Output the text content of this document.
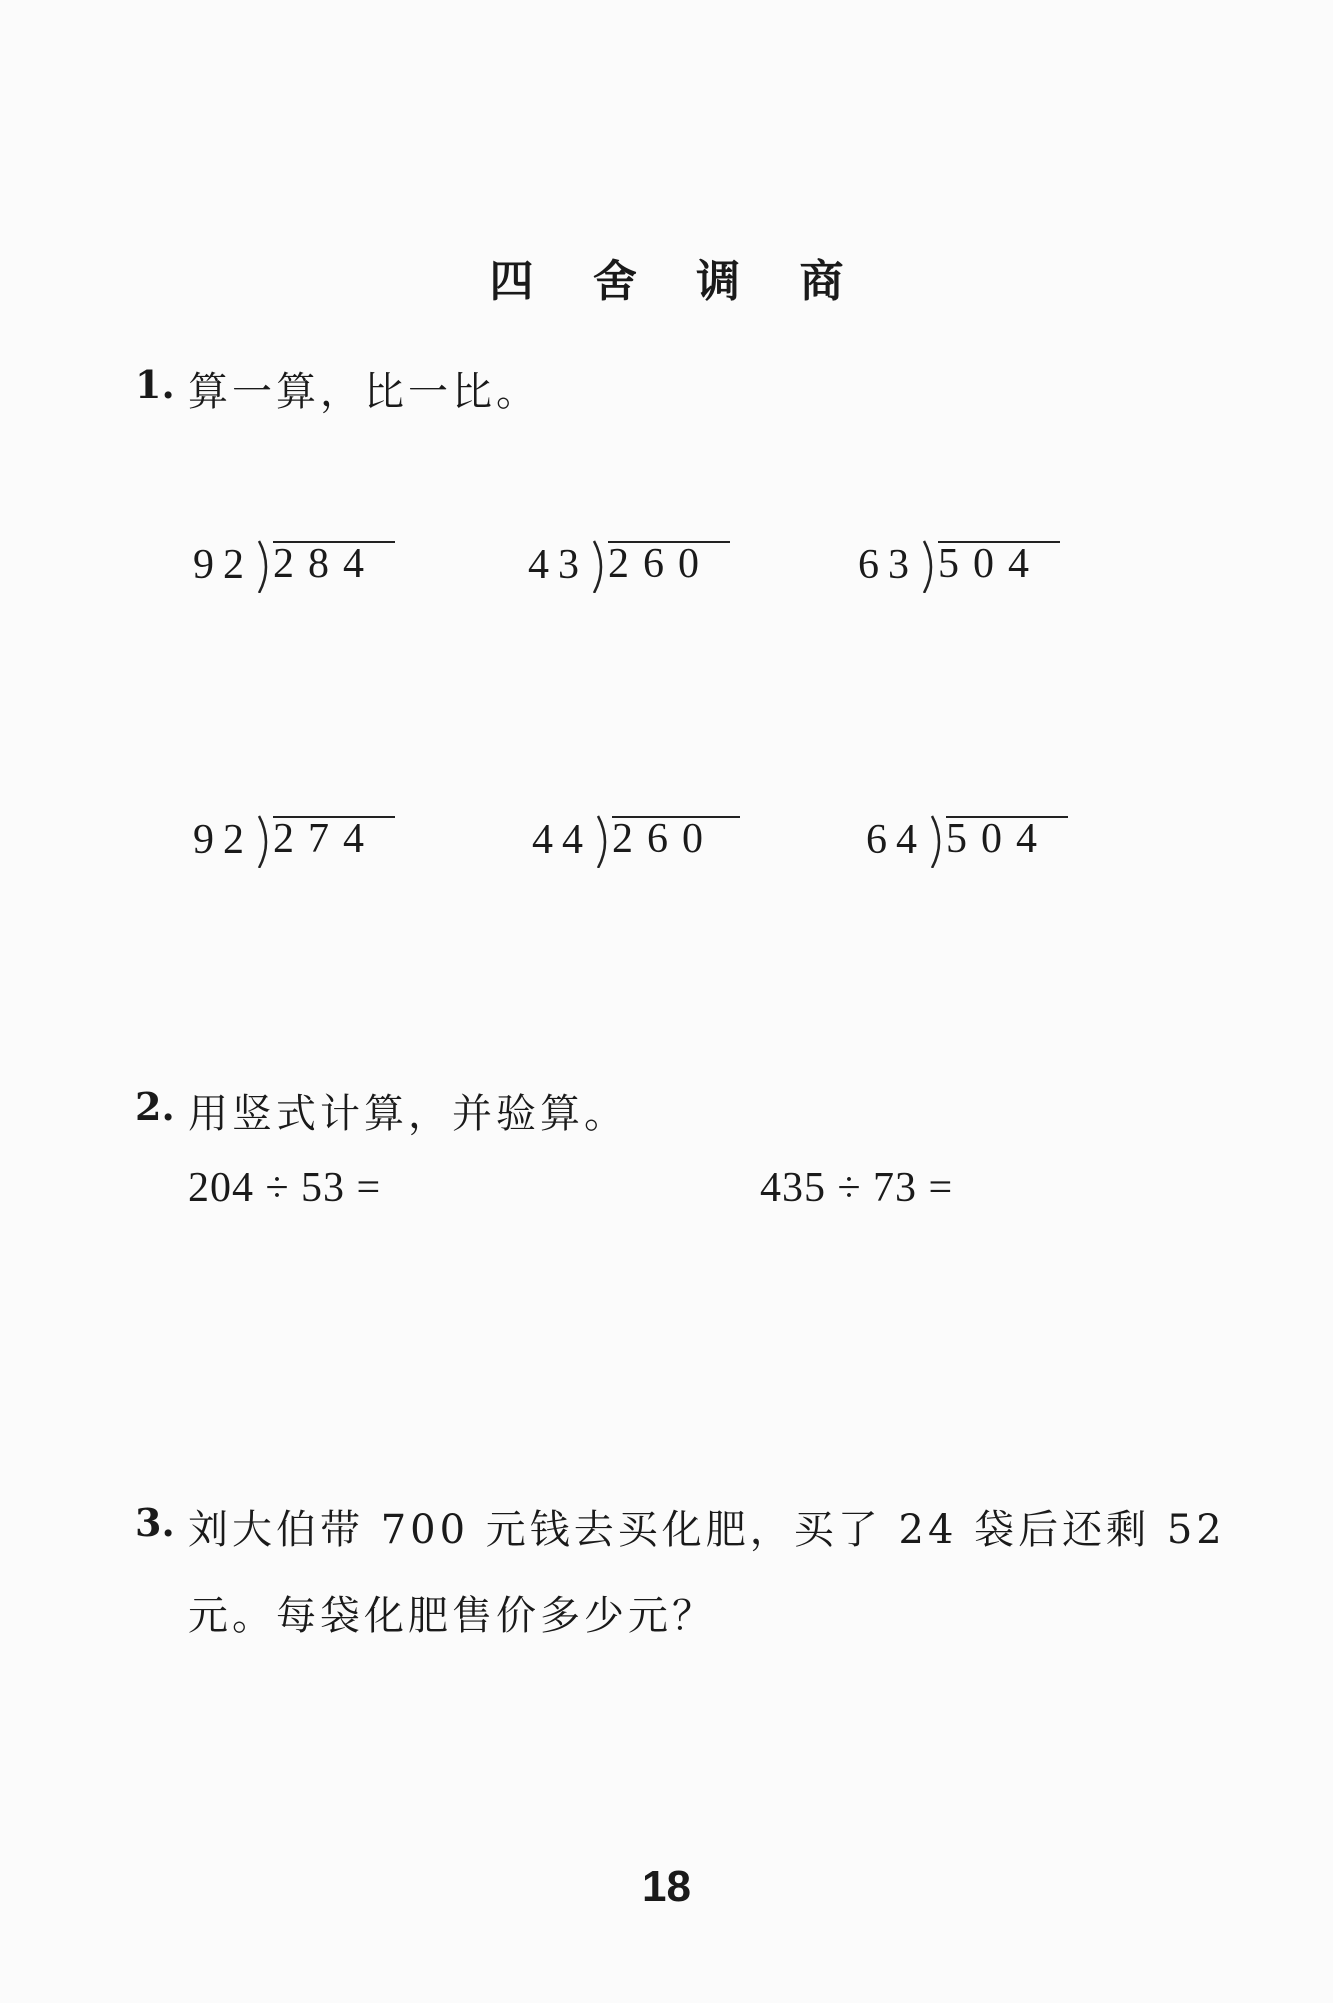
四 舍 调 商
1. 算一算，比一比。
92 284	43 260	63 504
92 274	44 260	64 504
2. 用竖式计算，并验算。
204 ÷ 53 =	435 ÷ 73 =
3. 刘大伯带 700 元钱去买化肥，买了 24 袋后还剩 52
元。每袋化肥售价多少元？
18
